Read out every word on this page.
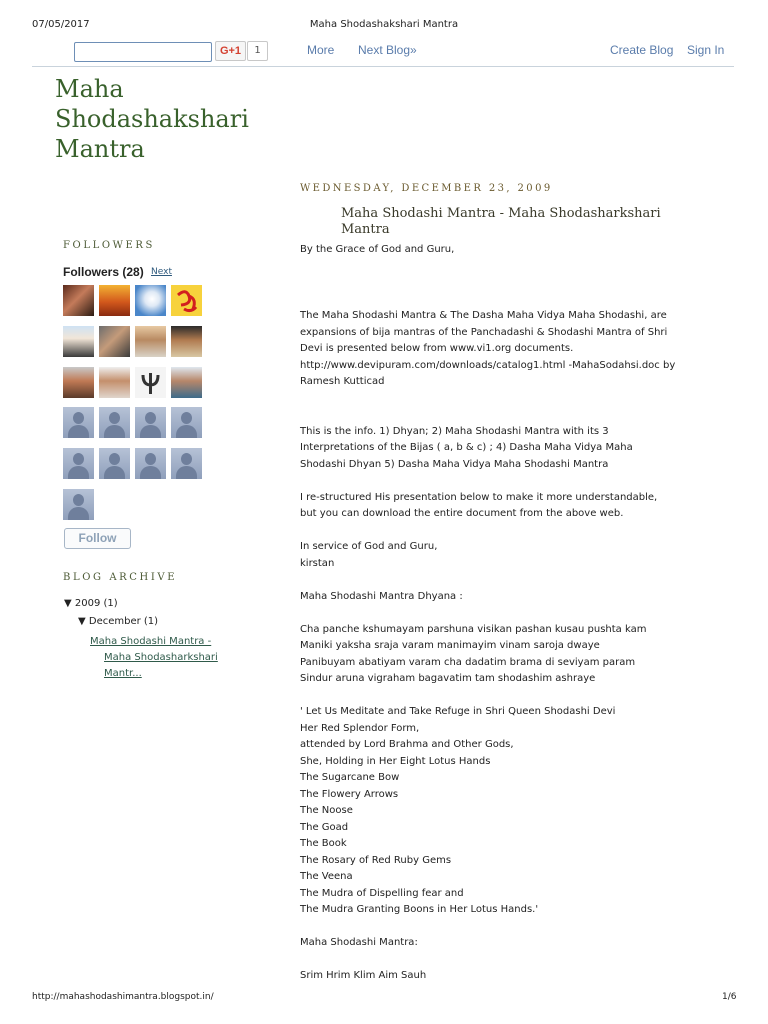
07/05/2017	Maha Shodashakshari Mantra
G+1	1	More Next Blog»	Create Blog Sign In
Maha
Shodashakshari
Mantra
WEDNESDAY, DECEMBER 23, 2009
Maha Shodashi Mantra - Maha Shodasharkshari
Mantra

By the Grace of God and Guru,

The Maha Shodashi Mantra & The Dasha Maha Vidya Maha Shodashi, are

expansions of bija mantras of the Panchadashi & Shodashi Mantra of Shri

Devi is presented below from www.vi1.org documents.

http://www.devipuram.com/downloads/catalog1.html -MahaSodahsi.doc by

Ramesh Kutticad

This is the info. 1) Dhyan; 2) Maha Shodashi Mantra with its 3

Interpretations of the Bijas ( a, b & c) ; 4) Dasha Maha Vidya Maha

Shodashi Dhyan 5) Dasha Maha Vidya Maha Shodashi Mantra

I re-structured His presentation below to make it more understandable,

but you can download the entire document from the above web.

In service of God and Guru,

kirstan

Maha Shodashi Mantra Dhyana :

Cha panche kshumayam parshuna visikan pashan kusau pushta kam

Maniki yaksha sraja varam manimayim vinam saroja dwaye

Panibuyam abatiyam varam cha dadatim brama di seviyam param

Sindur aruna vigraham bagavatim tam shodashim ashraye

' Let Us Meditate and Take Refuge in Shri Queen Shodashi Devi

Her Red Splendor Form,

attended by Lord Brahma and Other Gods,

She, Holding in Her Eight Lotus Hands

The Sugarcane Bow

The Flowery Arrows

The Noose

The Goad

The Book

The Rosary of Red Ruby Gems

The Veena

The Mudra of Dispelling fear and

The Mudra Granting Boons in Her Lotus Hands.'

Maha Shodashi Mantra:

Srim Hrim Klim Aim Sauh

FOLLOWERS
Followers (28) Next
Follow
BLOG ARCHIVE
▼ 2009 (1)
▼ December (1)
Maha Shodashi Mantra -
Maha Shodasharkshari
Mantr...
http://mahashodashimantra.blogspot.in/	1/6
